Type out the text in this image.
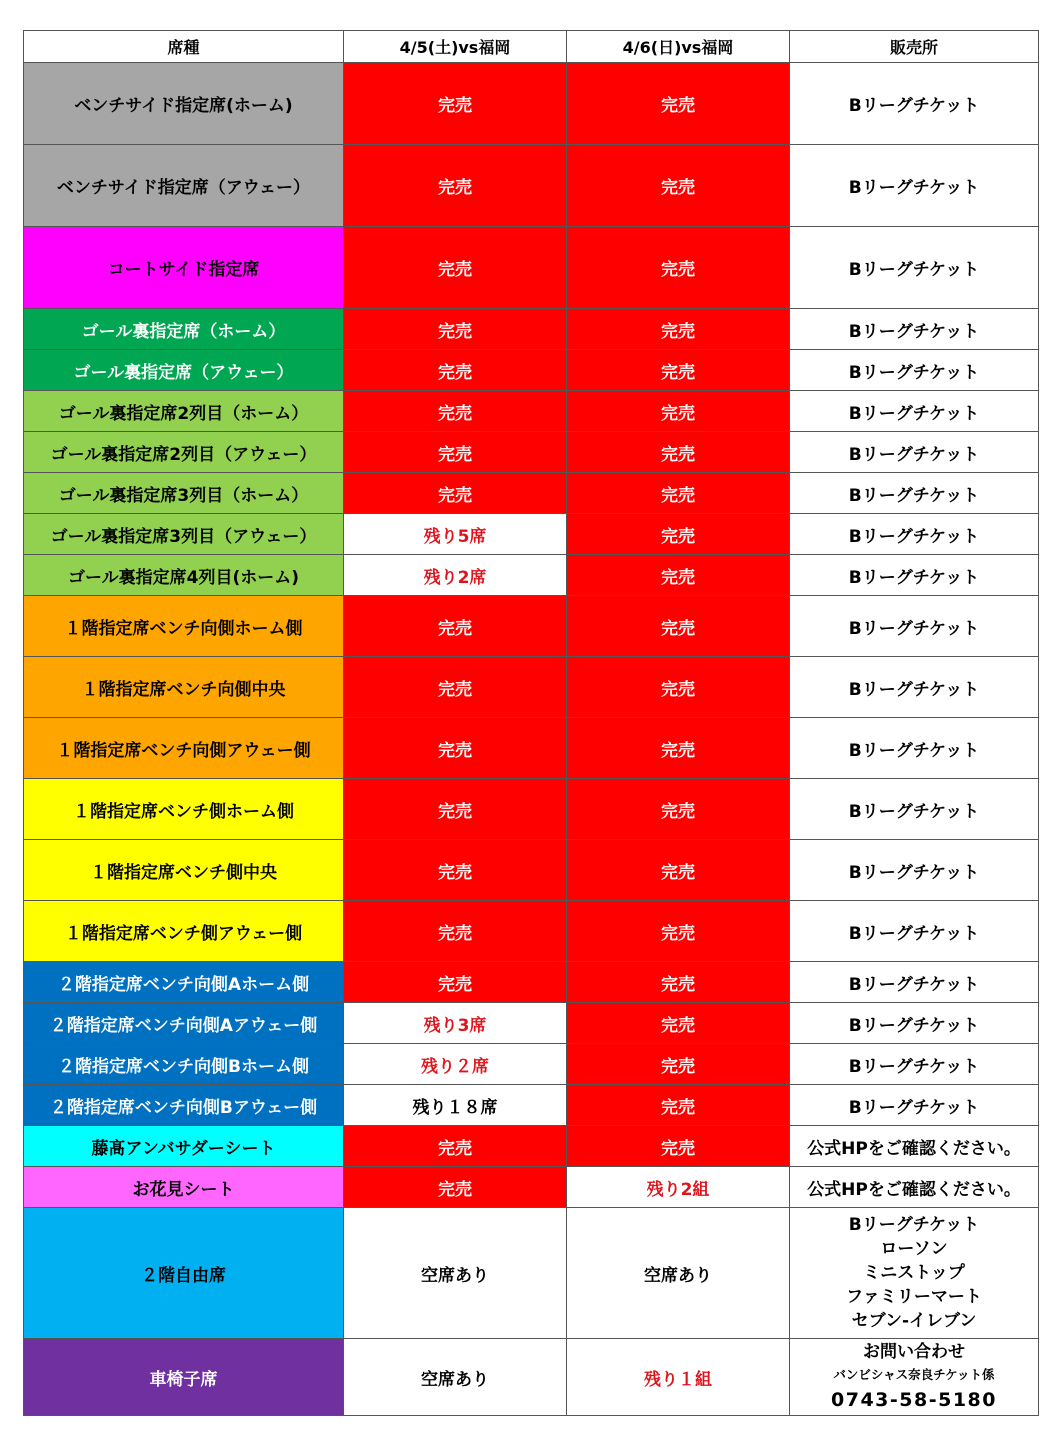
席種	4/5(土)vs福岡	4/6(日)vs福岡	販売所

ベンチサイド指定席(ホーム)	完売	完売	Bリーグチケット

ベンチサイド指定席（アウェー）	完売	完売	Bリーグチケット

コートサイド指定席	完売	完売	Bリーグチケット

ゴール裏指定席（ホーム）	完売	完売	Bリーグチケット

ゴール裏指定席（アウェー）	完売	完売	Bリーグチケット

ゴール裏指定席2列目（ホーム）	完売	完売	Bリーグチケット

ゴール裏指定席2列目（アウェー）	完売	完売	Bリーグチケット

ゴール裏指定席3列目（ホーム）	完売	完売	Bリーグチケット

ゴール裏指定席3列目（アウェー）	残り5席	完売	Bリーグチケット

ゴール裏指定席4列目(ホーム)	残り2席	完売	Bリーグチケット

１階指定席ベンチ向側ホーム側	完売	完売	Bリーグチケット

１階指定席ベンチ向側中央	完売	完売	Bリーグチケット

１階指定席ベンチ向側アウェー側	完売	完売	Bリーグチケット

１階指定席ベンチ側ホーム側	完売	完売	Bリーグチケット

１階指定席ベンチ側中央	完売	完売	Bリーグチケット

１階指定席ベンチ側アウェー側	完売	完売	Bリーグチケット

２階指定席ベンチ向側Aホーム側	完売	完売	Bリーグチケット

２階指定席ベンチ向側Aアウェー側	残り3席	完売	Bリーグチケット

２階指定席ベンチ向側Bホーム側	残り２席	完売	Bリーグチケット

２階指定席ベンチ向側Bアウェー側	残り１８席	完売	Bリーグチケット

藤髙アンバサダーシート	完売	完売	公式HPをご確認ください。

お花見シート	完売	残り2組	公式HPをご確認ください。

２階自由席	空席あり	空席あり	Bリーグチケット
ローソン
ミニストップ
ファミリーマート
セブン-イレブン

車椅子席	空席あり	残り１組	お問い合わせ
バンビシャス奈良チケット係
0743-58-5180
